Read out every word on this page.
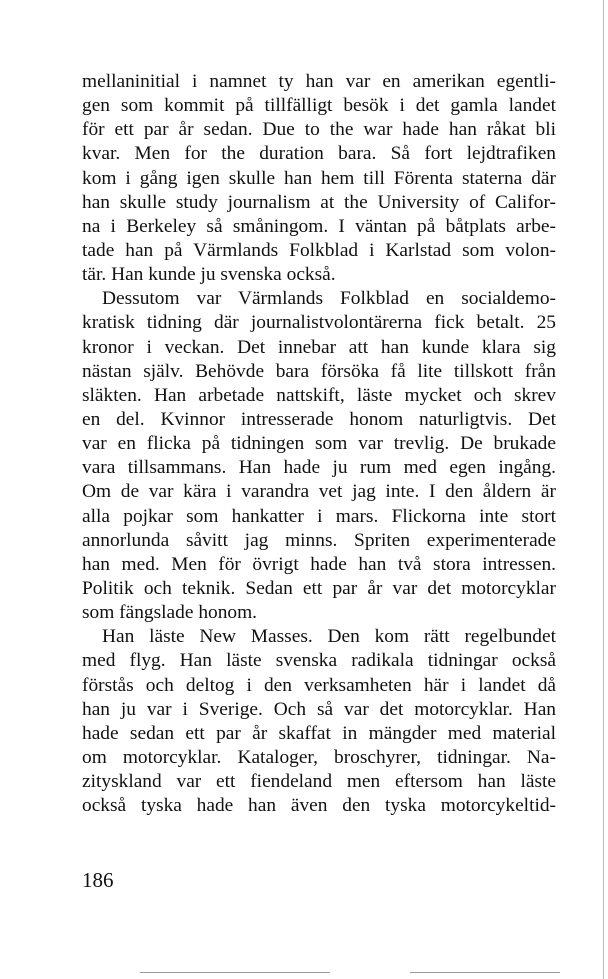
mellaninitial i namnet ty han var en amerikan egentli-
gen som kommit på tillfälligt besök i det gamla landet
för ett par år sedan. Due to the war hade han råkat bli
kvar. Men for the duration bara. Så fort lejdtrafiken
kom i gång igen skulle han hem till Förenta staterna där
han skulle study journalism at the University of Califor-
na i Berkeley så småningom. I väntan på båtplats arbe-
tade han på Värmlands Folkblad i Karlstad som volon-
tär. Han kunde ju svenska också.
Dessutom var Värmlands Folkblad en socialdemo-
kratisk tidning där journalistvolontärerna fick betalt. 25
kronor i veckan. Det innebar att han kunde klara sig
nästan själv. Behövde bara försöka få lite tillskott från
släkten. Han arbetade nattskift, läste mycket och skrev
en del. Kvinnor intresserade honom naturligtvis. Det
var en flicka på tidningen som var trevlig. De brukade
vara tillsammans. Han hade ju rum med egen ingång.
Om de var kära i varandra vet jag inte. I den åldern är
alla pojkar som hankatter i mars. Flickorna inte stort
annorlunda såvitt jag minns. Spriten experimenterade
han med. Men för övrigt hade han två stora intressen.
Politik och teknik. Sedan ett par år var det motorcyklar
som fängslade honom.
Han läste New Masses. Den kom rätt regelbundet
med flyg. Han läste svenska radikala tidningar också
förstås och deltog i den verksamheten här i landet då
han ju var i Sverige. Och så var det motorcyklar. Han
hade sedan ett par år skaffat in mängder med material
om motorcyklar. Kataloger, broschyrer, tidningar. Na-
zityskland var ett fiendeland men eftersom han läste
också tyska hade han även den tyska motorcykeltid-
186
